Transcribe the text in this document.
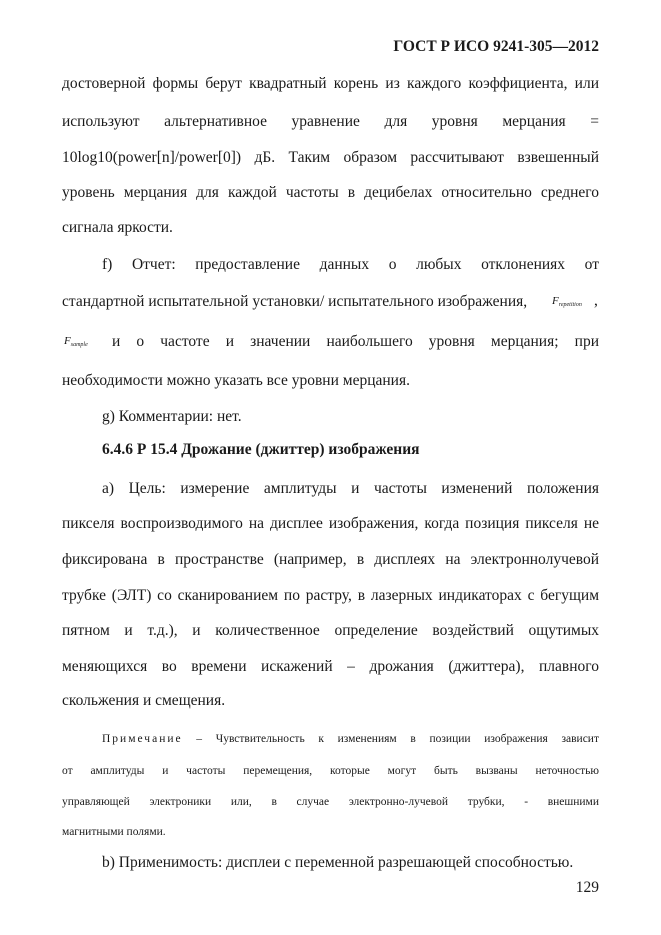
ГОСТ Р ИСО 9241-305—2012
достоверной формы берут квадратный корень из каждого коэффициента, или
используют альтернативное уравнение для уровня мерцания =
10log10(power[n]/power[0]) дБ. Таким образом рассчитывают взвешенный
уровень мерцания для каждой частоты в децибелах относительно среднего
сигнала яркости.
f) Отчет: предоставление данных о любых отклонениях от
стандартной испытательной установки/ испытательного изображения,	$F_{repetition}$ ,
$F_{sample}$ и о частоте и значении наибольшего уровня мерцания; при
необходимости можно указать все уровни мерцания.
g) Комментарии: нет.
6.4.6 Р 15.4 Дрожание (джиттер) изображения
а) Цель: измерение амплитуды и частоты изменений положения
пикселя воспроизводимого на дисплее изображения, когда позиция пикселя не
фиксирована в пространстве (например, в дисплеях на электроннолучевой
трубке (ЭЛТ) со сканированием по растру, в лазерных индикаторах с бегущим
пятном и т.д.), и количественное определение воздействий ощутимых
меняющихся во времени искажений – дрожания (джиттера), плавного
скольжения и смещения.
Примечание – Чувствительность к изменениям в позиции изображения зависит
от амплитуды и частоты перемещения, которые могут быть вызваны неточностью
управляющей электроники или, в случае электронно-лучевой трубки, - внешними
магнитными полями.
b) Применимость: дисплеи с переменной разрешающей способностью.
129
